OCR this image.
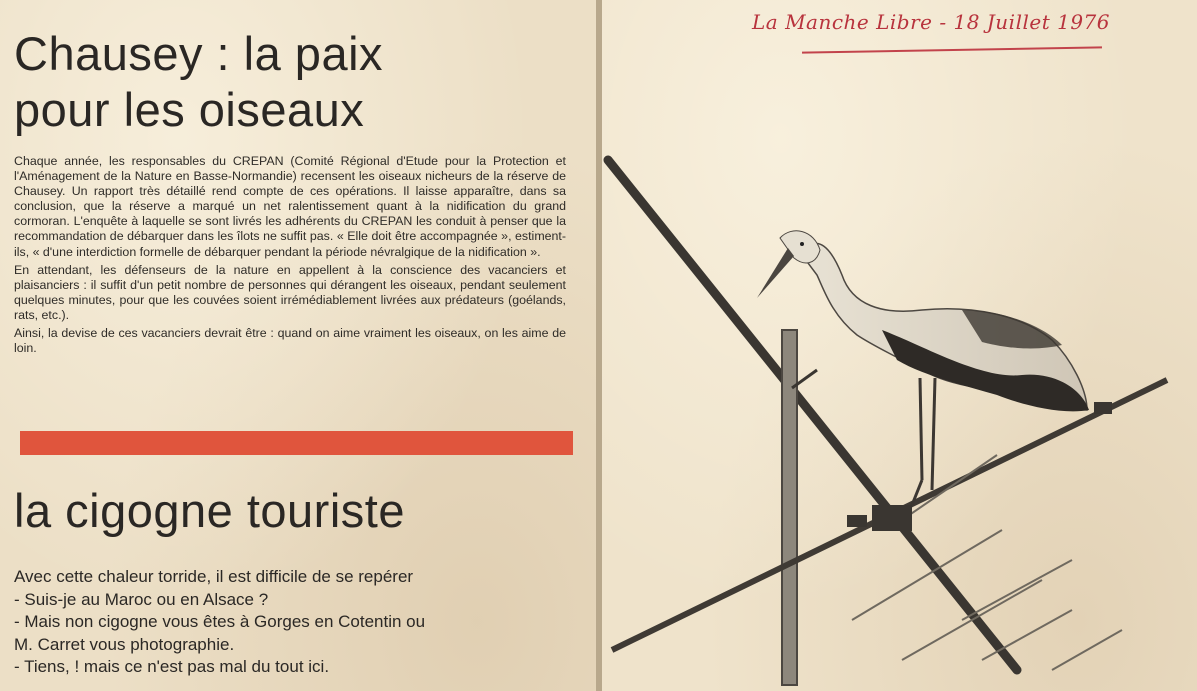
Chausey : la paix
pour les oiseaux

Chaque année, les responsables du CREPAN (Comité Régional d'Etude pour la Protection et l'Aménagement de la Nature en Basse-Normandie) recensent les oiseaux nicheurs de la réserve de Chausey. Un rapport très détaillé rend compte de ces opérations. Il laisse apparaître, dans sa conclusion, que la réserve a marqué un net ralentissement quant à la nidification du grand cormoran. L'enquête à laquelle se sont livrés les adhérents du CREPAN les conduit à penser que la recommandation de débarquer dans les îlots ne suffit pas. « Elle doit être accompagnée », estiment-ils, « d'une interdiction formelle de débarquer pendant la période névralgique de la nidification ».

En attendant, les défenseurs de la nature en appellent à la conscience des vacanciers et plaisanciers : il suffit d'un petit nombre de personnes qui dérangent les oiseaux, pendant seulement quelques minutes, pour que les couvées soient irrémédiablement livrées aux prédateurs (goélands, rats, etc.).

Ainsi, la devise de ces vacanciers devrait être : quand on aime vraiment les oiseaux, on les aime de loin.

la cigogne touriste
Avec cette chaleur torride, il est difficile de se repérer
- Suis-je au Maroc ou en Alsace ?
- Mais non cigogne vous êtes à Gorges en Cotentin ou
M. Carret vous photographie.
- Tiens, ! mais ce n'est pas mal du tout ici.
La Manche Libre - 18 Juillet 1976
